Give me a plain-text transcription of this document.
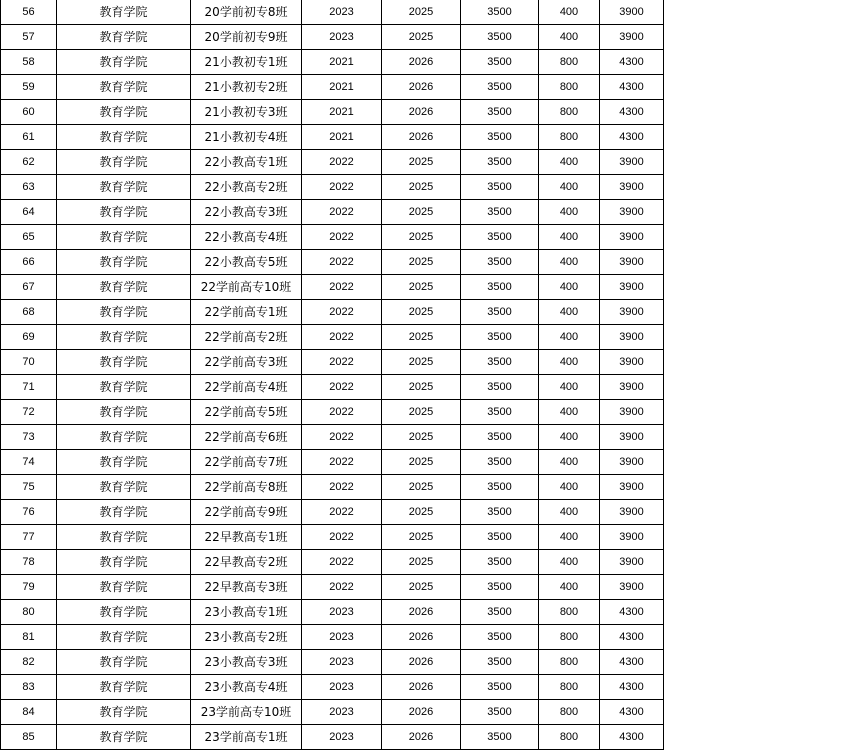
56	教育学院	20学前初专8班	2023	2025	3500	400	3900
57	教育学院	20学前初专9班	2023	2025	3500	400	3900
58	教育学院	21小教初专1班	2021	2026	3500	800	4300
59	教育学院	21小教初专2班	2021	2026	3500	800	4300
60	教育学院	21小教初专3班	2021	2026	3500	800	4300
61	教育学院	21小教初专4班	2021	2026	3500	800	4300
62	教育学院	22小教高专1班	2022	2025	3500	400	3900
63	教育学院	22小教高专2班	2022	2025	3500	400	3900
64	教育学院	22小教高专3班	2022	2025	3500	400	3900
65	教育学院	22小教高专4班	2022	2025	3500	400	3900
66	教育学院	22小教高专5班	2022	2025	3500	400	3900
67	教育学院	22学前高专10班	2022	2025	3500	400	3900
68	教育学院	22学前高专1班	2022	2025	3500	400	3900
69	教育学院	22学前高专2班	2022	2025	3500	400	3900
70	教育学院	22学前高专3班	2022	2025	3500	400	3900
71	教育学院	22学前高专4班	2022	2025	3500	400	3900
72	教育学院	22学前高专5班	2022	2025	3500	400	3900
73	教育学院	22学前高专6班	2022	2025	3500	400	3900
74	教育学院	22学前高专7班	2022	2025	3500	400	3900
75	教育学院	22学前高专8班	2022	2025	3500	400	3900
76	教育学院	22学前高专9班	2022	2025	3500	400	3900
77	教育学院	22早教高专1班	2022	2025	3500	400	3900
78	教育学院	22早教高专2班	2022	2025	3500	400	3900
79	教育学院	22早教高专3班	2022	2025	3500	400	3900
80	教育学院	23小教高专1班	2023	2026	3500	800	4300
81	教育学院	23小教高专2班	2023	2026	3500	800	4300
82	教育学院	23小教高专3班	2023	2026	3500	800	4300
83	教育学院	23小教高专4班	2023	2026	3500	800	4300
84	教育学院	23学前高专10班	2023	2026	3500	800	4300
85	教育学院	23学前高专1班	2023	2026	3500	800	4300
